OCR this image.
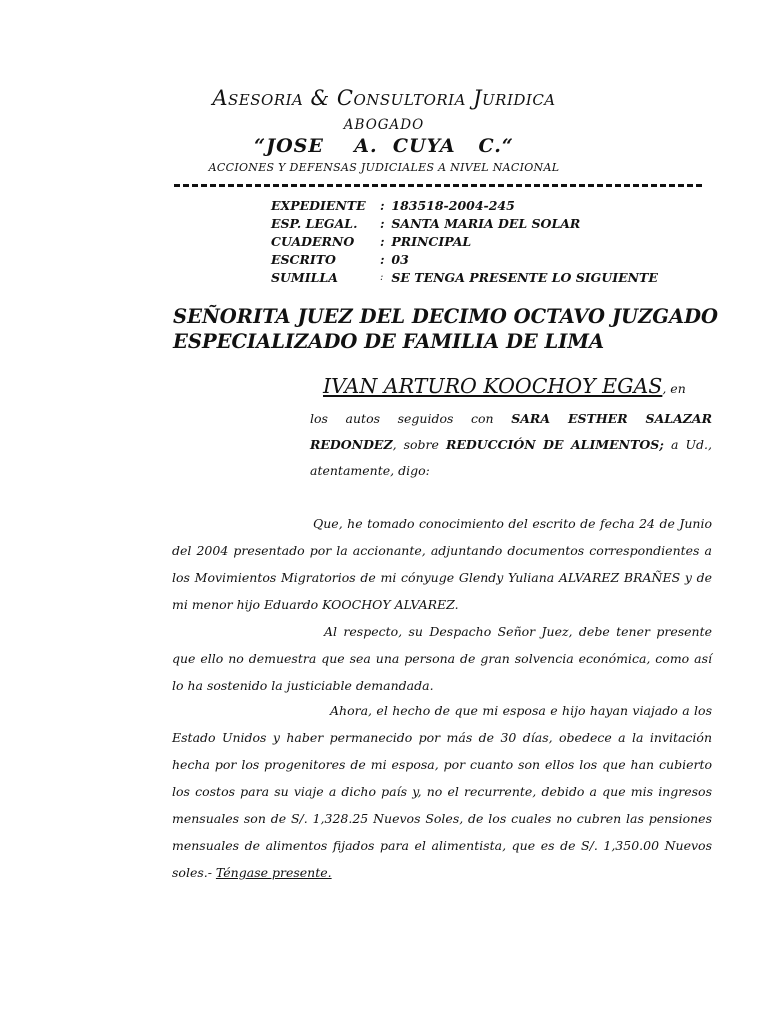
Asesoria & Consultoria Juridica
ABOGADO
“JOSE    A.  CUYA   C.“
ACCIONES Y DEFENSAS JUDICIALES A NIVEL NACIONAL
EXPEDIENTE	:	183518-2004-245
ESP. LEGAL.	:	SANTA MARIA DEL SOLAR
CUADERNO	:	PRINCIPAL
ESCRITO	:	03
SUMILLA	:	SE TENGA PRESENTE LO SIGUIENTE
SEÑORITA JUEZ DEL DECIMO OCTAVO JUZGADO
ESPECIALIZADO DE FAMILIA DE LIMA
IVAN ARTURO KOOCHOY EGAS, en
los autos seguidos con SARA ESTHER SALAZAR REDONDEZ, sobre REDUCCIÓN DE ALIMENTOS; a Ud., atentamente, digo:
Que, he tomado conocimiento del escrito de fecha 24 de Junio del 2004 presentado por la accionante, adjuntando documentos correspondientes a los Movimientos Migratorios de mi cónyuge Glendy Yuliana ALVAREZ BRAÑES y de mi menor hijo Eduardo KOOCHOY ALVAREZ.
Al respecto, su Despacho Señor Juez, debe tener presente que ello no demuestra que sea una persona de gran solvencia económica, como así lo ha sostenido la justiciable demandada.
Ahora, el hecho de que mi esposa e hijo hayan viajado a los Estado Unidos y haber permanecido por más de 30 días, obedece a la invitación hecha por los progenitores de mi esposa, por cuanto son ellos los que han cubierto los costos para su viaje a dicho país y, no el recurrente, debido a que mis ingresos mensuales son de S/. 1,328.25 Nuevos Soles, de los cuales no cubren las pensiones mensuales de alimentos fijados para el alimentista, que es de S/. 1,350.00 Nuevos soles.- Téngase presente.
